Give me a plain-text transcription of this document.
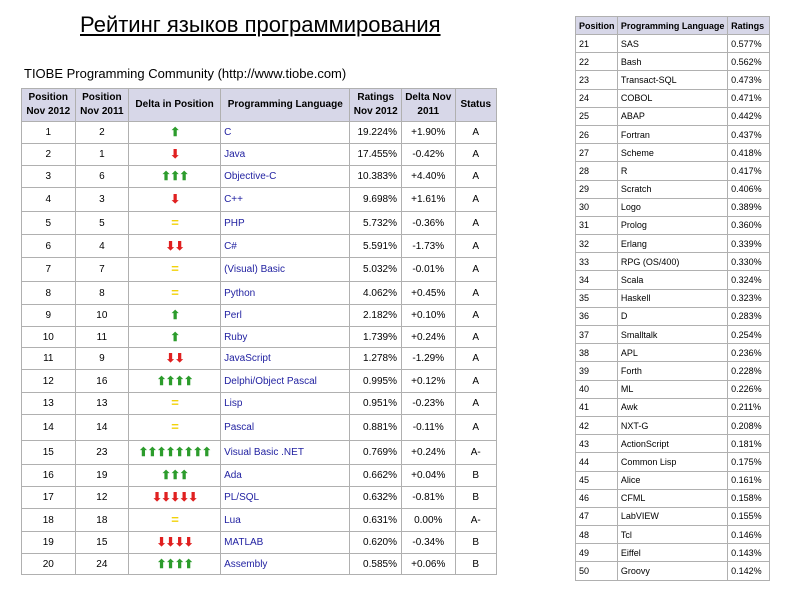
Рейтинг языков программирования
TIOBE Programming Community (http://www.tiobe.com)
Position Nov 2012	Position Nov 2011	Delta in Position	Programming Language	Ratings Nov 2012	Delta Nov 2011	Status
1	2	⬆	C	19.224%	+1.90%	A
2	1	⬇	Java	17.455%	-0.42%	A
3	6	⬆⬆⬆	Objective-C	10.383%	+4.40%	A
4	3	⬇	C++	9.698%	+1.61%	A
5	5	=	PHP	5.732%	-0.36%	A
6	4	⬇⬇	C#	5.591%	-1.73%	A
7	7	=	(Visual) Basic	5.032%	-0.01%	A
8	8	=	Python	4.062%	+0.45%	A
9	10	⬆	Perl	2.182%	+0.10%	A
10	11	⬆	Ruby	1.739%	+0.24%	A
11	9	⬇⬇	JavaScript	1.278%	-1.29%	A
12	16	⬆⬆⬆⬆	Delphi/Object Pascal	0.995%	+0.12%	A
13	13	=	Lisp	0.951%	-0.23%	A
14	14	=	Pascal	0.881%	-0.11%	A
15	23	⬆⬆⬆⬆⬆⬆⬆⬆	Visual Basic .NET	0.769%	+0.24%	A-
16	19	⬆⬆⬆	Ada	0.662%	+0.04%	B
17	12	⬇⬇⬇⬇⬇	PL/SQL	0.632%	-0.81%	B
18	18	=	Lua	0.631%	0.00%	A-
19	15	⬇⬇⬇⬇	MATLAB	0.620%	-0.34%	B
20	24	⬆⬆⬆⬆	Assembly	0.585%	+0.06%	B
Position	Programming Language	Ratings
21	SAS	0.577%
22	Bash	0.562%
23	Transact-SQL	0.473%
24	COBOL	0.471%
25	ABAP	0.442%
26	Fortran	0.437%
27	Scheme	0.418%
28	R	0.417%
29	Scratch	0.406%
30	Logo	0.389%
31	Prolog	0.360%
32	Erlang	0.339%
33	RPG (OS/400)	0.330%
34	Scala	0.324%
35	Haskell	0.323%
36	D	0.283%
37	Smalltalk	0.254%
38	APL	0.236%
39	Forth	0.228%
40	ML	0.226%
41	Awk	0.211%
42	NXT-G	0.208%
43	ActionScript	0.181%
44	Common Lisp	0.175%
45	Alice	0.161%
46	CFML	0.158%
47	LabVIEW	0.155%
48	Tcl	0.146%
49	Eiffel	0.143%
50	Groovy	0.142%
